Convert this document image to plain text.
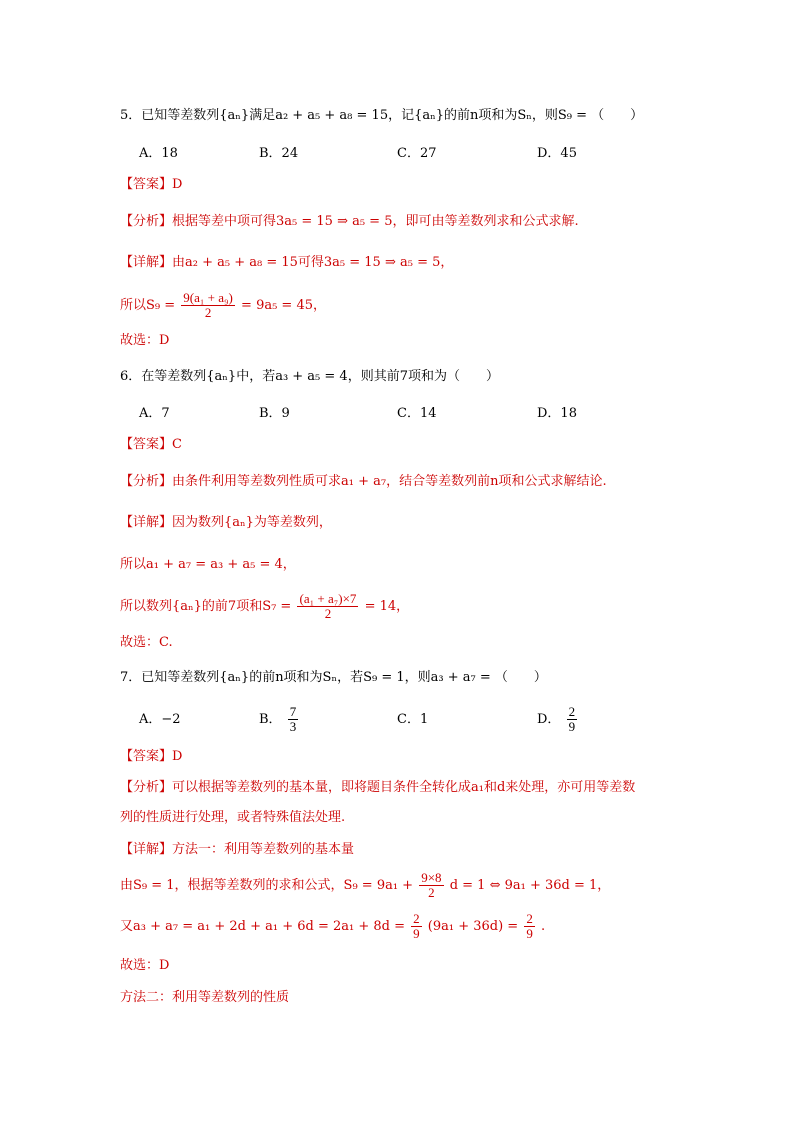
5．已知等差数列{aₙ}满足a₂ + a₅ + a₈ = 15，记{aₙ}的前n项和为Sₙ，则S₉ = （　　）
A．18	B．24	C．27	D．45
【答案】D
【分析】根据等差中项可得3a₅ = 15 ⇒ a₅ = 5，即可由等差数列求和公式求解.
【详解】由a₂ + a₅ + a₈ = 15可得3a₅ = 15 ⇒ a₅ = 5，
所以$S_9 = \frac{\text{9(a₁ + a₉)}}{2} = 9a_5 = 45$，
故选：D
6．在等差数列{aₙ}中，若a₃ + a₅ = 4，则其前7项和为（　　）
A．7	B．9	C．14	D．18
【答案】C
【分析】由条件利用等差数列性质可求a₁ + a₇，结合等差数列前n项和公式求解结论.
【详解】因为数列{aₙ}为等差数列，
所以a₁ + a₇ = a₃ + a₅ = 4，
所以数列{aₙ}的前7项和$S_7 = \frac{\text{(a₁ + a₇)×7}}{2} = 14$，
故选：C.
7．已知等差数列{aₙ}的前n项和为Sₙ，若S₉ = 1，则a₃ + a₇ = （　　）
A．−2	B． $\frac{7}{3}$	C．1	D． $\frac{2}{9}$
【答案】D
【分析】可以根据等差数列的基本量，即将题目条件全转化成a₁和d来处理，亦可用等差数
列的性质进行处理，或者特殊值法处理.
【详解】方法一：利用等差数列的基本量
由S₉ = 1，根据等差数列的求和公式，$S_9 = 9a_1 + \frac{9\times 8}{2}$ d = 1 ⇔ 9a₁ + 36d = 1，
又$a_3 + a_7 = a_1 + 2d + a_1 + 6d = 2a_1 + 8d = \frac{2}{9} (9a_1 + 36d) = \frac{2}{9}$ .
故选：D
方法二：利用等差数列的性质
